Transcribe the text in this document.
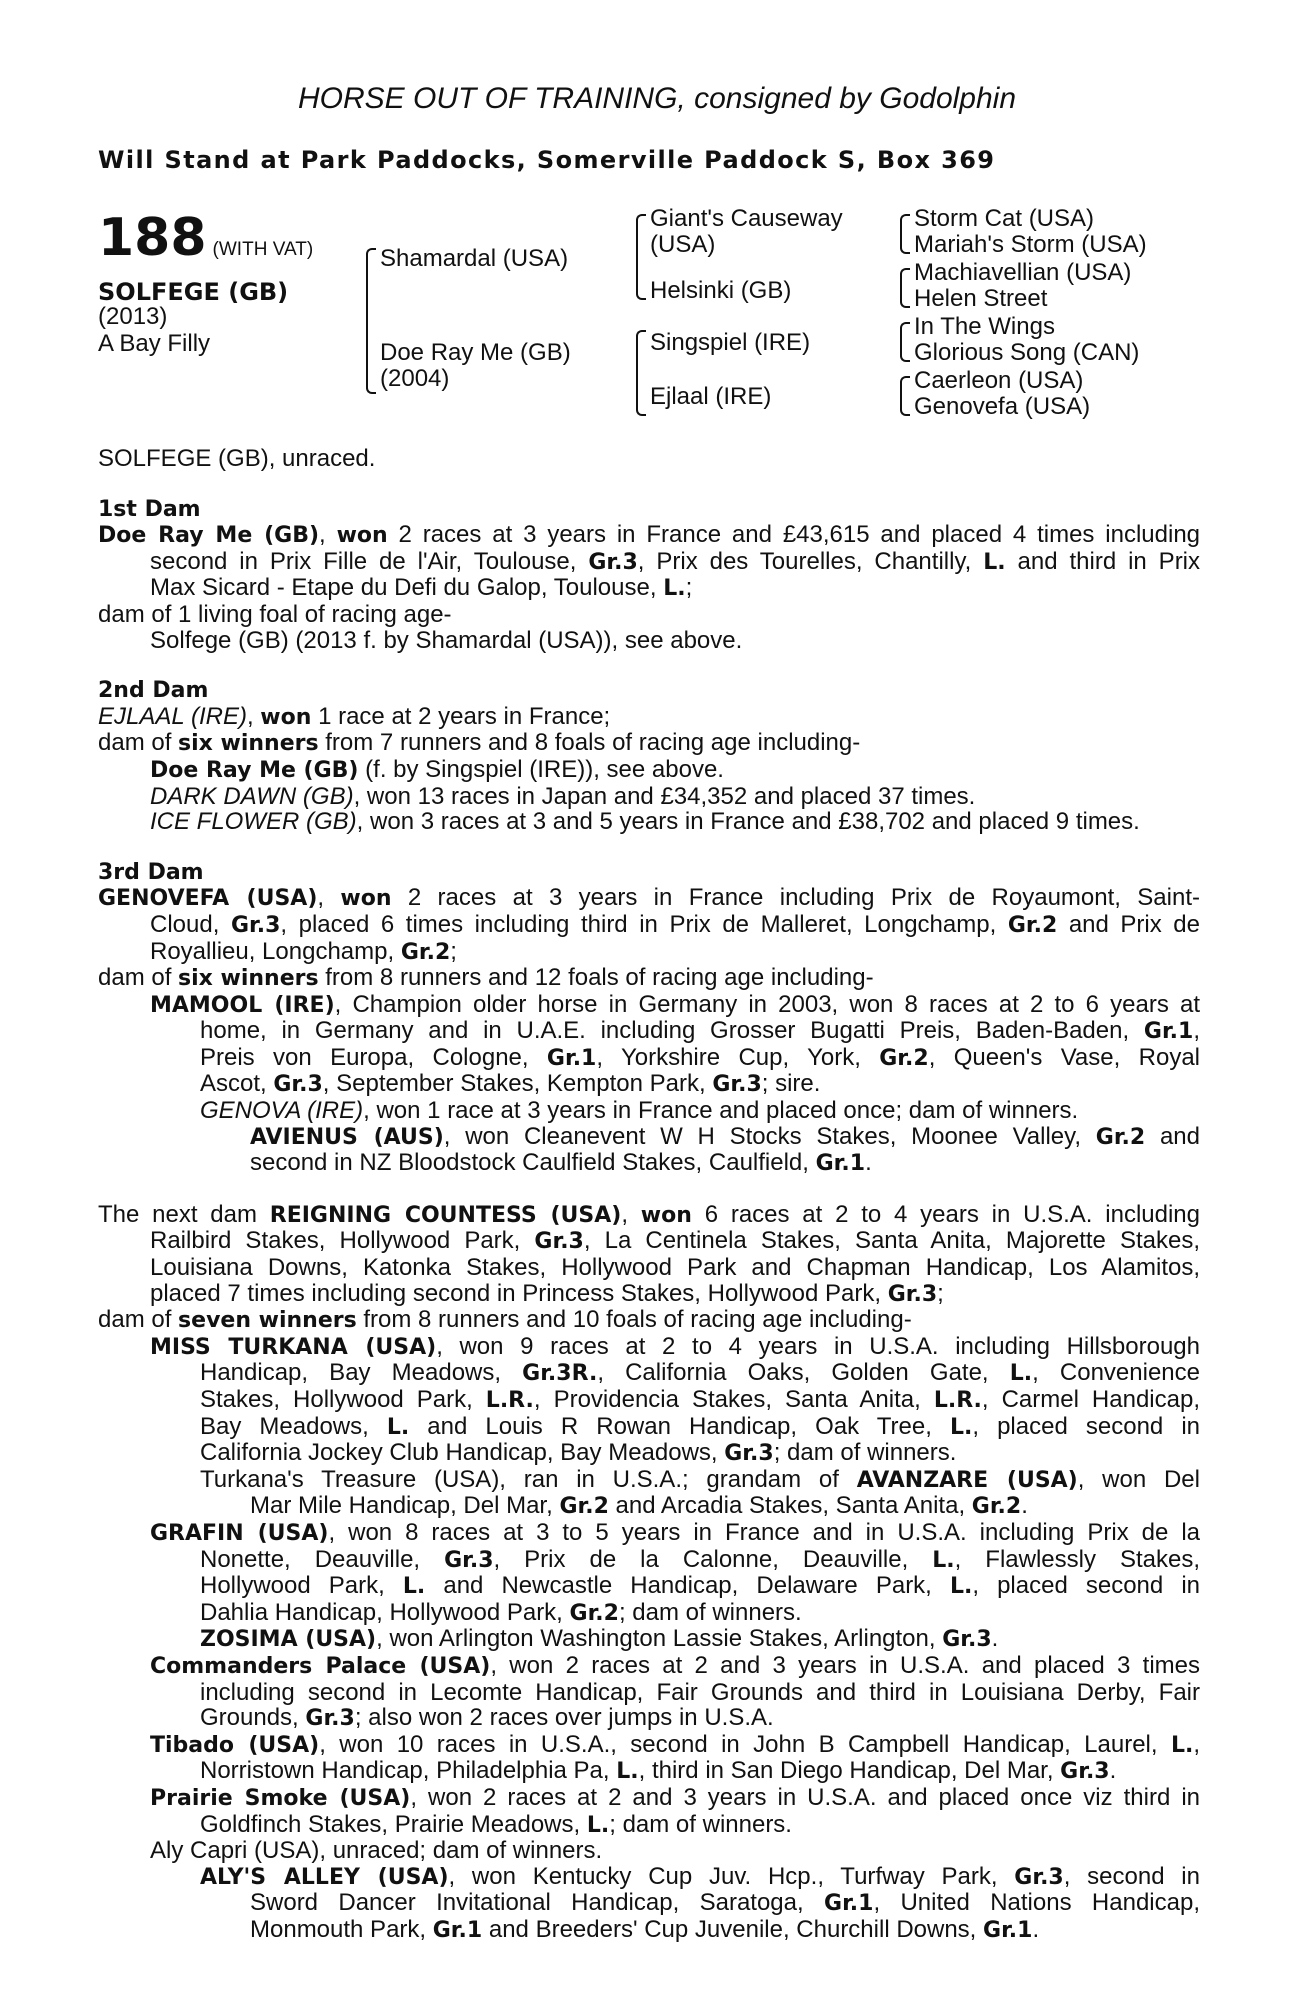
HORSE OUT OF TRAINING, consigned by Godolphin
Will Stand at Park Paddocks, Somerville Paddock S, Box 369
188 (WITH VAT)
SOLFEGE (GB)
(2013)
A Bay Filly
Shamardal (USA)
Doe Ray Me (GB)
(2004)
Giant's Causeway
(USA)
Helsinki (GB)
Singspiel (IRE)
Ejlaal (IRE)
Storm Cat (USA)
Mariah's Storm (USA)
Machiavellian (USA)
Helen Street
In The Wings
Glorious Song (CAN)
Caerleon (USA)
Genovefa (USA)
SOLFEGE (GB), unraced.
1st Dam
Doe Ray Me (GB), won 2 races at 3 years in France and £43,615 and placed 4 times including
second in Prix Fille de l'Air, Toulouse, Gr.3, Prix des Tourelles, Chantilly, L. and third in Prix
Max Sicard - Etape du Defi du Galop, Toulouse, L.;
dam of 1 living foal of racing age-
Solfege (GB) (2013 f. by Shamardal (USA)), see above.
2nd Dam
EJLAAL (IRE), won 1 race at 2 years in France;
dam of six winners from 7 runners and 8 foals of racing age including-
Doe Ray Me (GB) (f. by Singspiel (IRE)), see above.
DARK DAWN (GB), won 13 races in Japan and £34,352 and placed 37 times.
ICE FLOWER (GB), won 3 races at 3 and 5 years in France and £38,702 and placed 9 times.
3rd Dam
GENOVEFA (USA), won 2 races at 3 years in France including Prix de Royaumont, Saint-
Cloud, Gr.3, placed 6 times including third in Prix de Malleret, Longchamp, Gr.2 and Prix de
Royallieu, Longchamp, Gr.2;
dam of six winners from 8 runners and 12 foals of racing age including-
MAMOOL (IRE), Champion older horse in Germany in 2003, won 8 races at 2 to 6 years at
home, in Germany and in U.A.E. including Grosser Bugatti Preis, Baden-Baden, Gr.1,
Preis von Europa, Cologne, Gr.1, Yorkshire Cup, York, Gr.2, Queen's Vase, Royal
Ascot, Gr.3, September Stakes, Kempton Park, Gr.3; sire.
GENOVA (IRE), won 1 race at 3 years in France and placed once; dam of winners.
AVIENUS (AUS), won Cleanevent W H Stocks Stakes, Moonee Valley, Gr.2 and
second in NZ Bloodstock Caulfield Stakes, Caulfield, Gr.1.
The next dam REIGNING COUNTESS (USA), won 6 races at 2 to 4 years in U.S.A. including
Railbird Stakes, Hollywood Park, Gr.3, La Centinela Stakes, Santa Anita, Majorette Stakes,
Louisiana Downs, Katonka Stakes, Hollywood Park and Chapman Handicap, Los Alamitos,
placed 7 times including second in Princess Stakes, Hollywood Park, Gr.3;
dam of seven winners from 8 runners and 10 foals of racing age including-
MISS TURKANA (USA), won 9 races at 2 to 4 years in U.S.A. including Hillsborough
Handicap, Bay Meadows, Gr.3R., California Oaks, Golden Gate, L., Convenience
Stakes, Hollywood Park, L.R., Providencia Stakes, Santa Anita, L.R., Carmel Handicap,
Bay Meadows, L. and Louis R Rowan Handicap, Oak Tree, L., placed second in
California Jockey Club Handicap, Bay Meadows, Gr.3; dam of winners.
Turkana's Treasure (USA), ran in U.S.A.; grandam of AVANZARE (USA), won Del
Mar Mile Handicap, Del Mar, Gr.2 and Arcadia Stakes, Santa Anita, Gr.2.
GRAFIN (USA), won 8 races at 3 to 5 years in France and in U.S.A. including Prix de la
Nonette, Deauville, Gr.3, Prix de la Calonne, Deauville, L., Flawlessly Stakes,
Hollywood Park, L. and Newcastle Handicap, Delaware Park, L., placed second in
Dahlia Handicap, Hollywood Park, Gr.2; dam of winners.
ZOSIMA (USA), won Arlington Washington Lassie Stakes, Arlington, Gr.3.
Commanders Palace (USA), won 2 races at 2 and 3 years in U.S.A. and placed 3 times
including second in Lecomte Handicap, Fair Grounds and third in Louisiana Derby, Fair
Grounds, Gr.3; also won 2 races over jumps in U.S.A.
Tibado (USA), won 10 races in U.S.A., second in John B Campbell Handicap, Laurel, L.,
Norristown Handicap, Philadelphia Pa, L., third in San Diego Handicap, Del Mar, Gr.3.
Prairie Smoke (USA), won 2 races at 2 and 3 years in U.S.A. and placed once viz third in
Goldfinch Stakes, Prairie Meadows, L.; dam of winners.
Aly Capri (USA), unraced; dam of winners.
ALY'S ALLEY (USA), won Kentucky Cup Juv. Hcp., Turfway Park, Gr.3, second in
Sword Dancer Invitational Handicap, Saratoga, Gr.1, United Nations Handicap,
Monmouth Park, Gr.1 and Breeders' Cup Juvenile, Churchill Downs, Gr.1.
